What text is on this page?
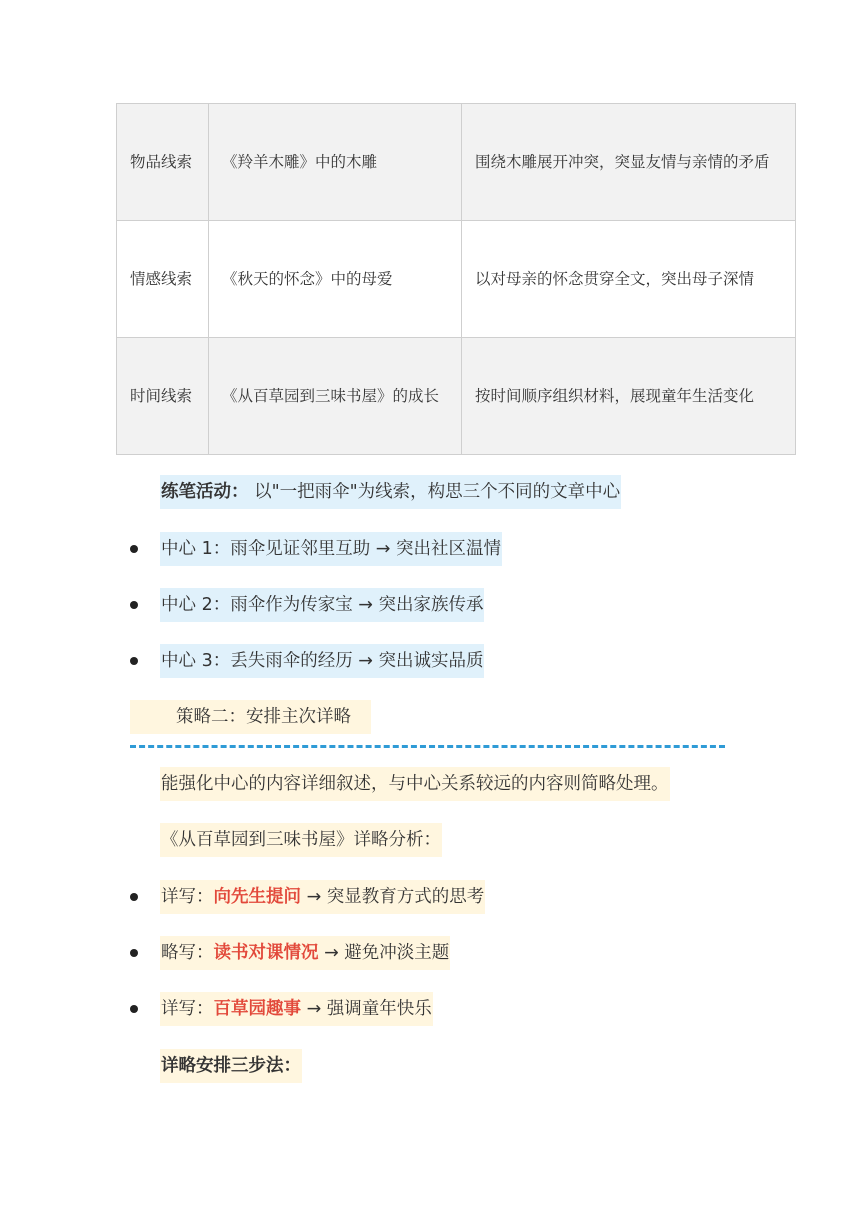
物品线索	《羚羊木雕》中的木雕	围绕木雕展开冲突，突显友情与亲情的矛盾
情感线索	《秋天的怀念》中的母爱	以对母亲的怀念贯穿全文，突出母子深情
时间线索	《从百草园到三味书屋》的成长	按时间顺序组织材料，展现童年生活变化
练笔活动： 以"一把雨伞"为线索，构思三个不同的文章中心
中心 1：雨伞见证邻里互助 → 突出社区温情
中心 2：雨伞作为传家宝 → 突出家族传承
中心 3：丢失雨伞的经历 → 突出诚实品质
策略二：安排主次详略
能强化中心的内容详细叙述，与中心关系较远的内容则简略处理。
《从百草园到三味书屋》详略分析：
详写：向先生提问 → 突显教育方式的思考
略写：读书对课情况 → 避免冲淡主题
详写：百草园趣事 → 强调童年快乐
详略安排三步法：
